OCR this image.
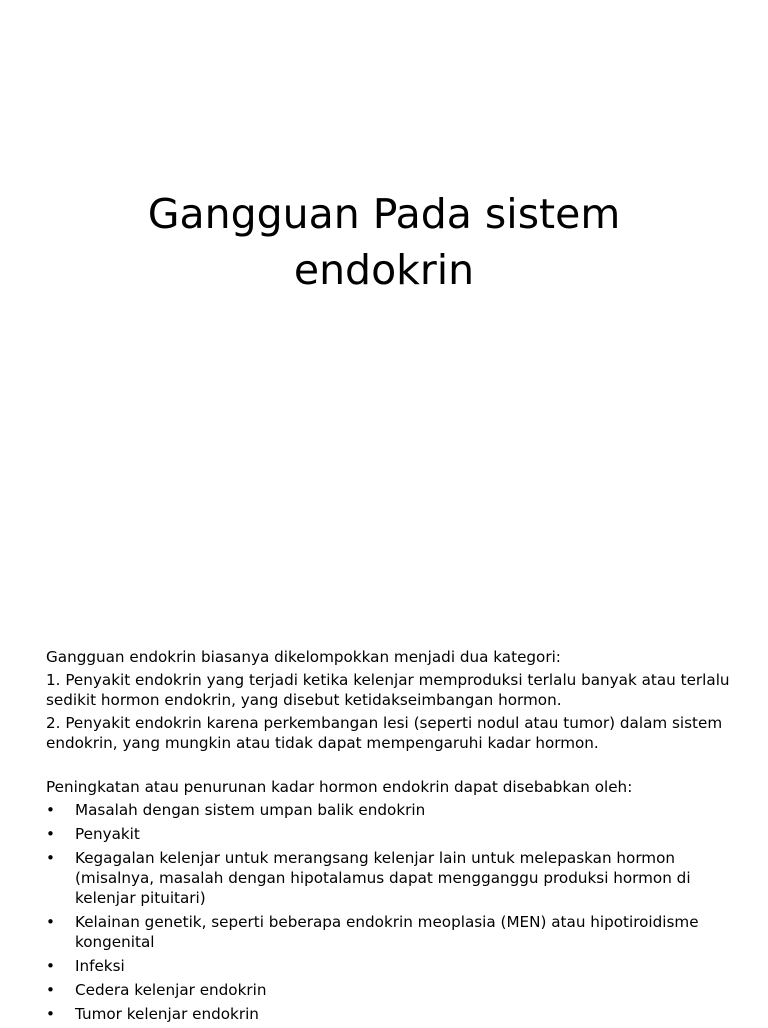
Gangguan Pada sistem
endokrin

Gangguan endokrin biasanya dikelompokkan menjadi dua kategori:

1. Penyakit endokrin yang terjadi ketika kelenjar memproduksi terlalu banyak atau terlalu sedikit hormon endokrin, yang disebut ketidakseimbangan hormon.

2. Penyakit endokrin karena perkembangan lesi (seperti nodul atau tumor) dalam sistem endokrin, yang mungkin atau tidak dapat mempengaruhi kadar hormon.

Peningkatan atau penurunan kadar hormon endokrin dapat disebabkan oleh:

• Masalah dengan sistem umpan balik endokrin
• Penyakit
• Kegagalan kelenjar untuk merangsang kelenjar lain untuk melepaskan hormon (misalnya, masalah dengan hipotalamus dapat mengganggu produksi hormon di kelenjar pituitari)
• Kelainan genetik, seperti beberapa endokrin meoplasia (MEN) atau hipotiroidisme kongenital
• Infeksi
• Cedera kelenjar endokrin
• Tumor kelenjar endokrin
